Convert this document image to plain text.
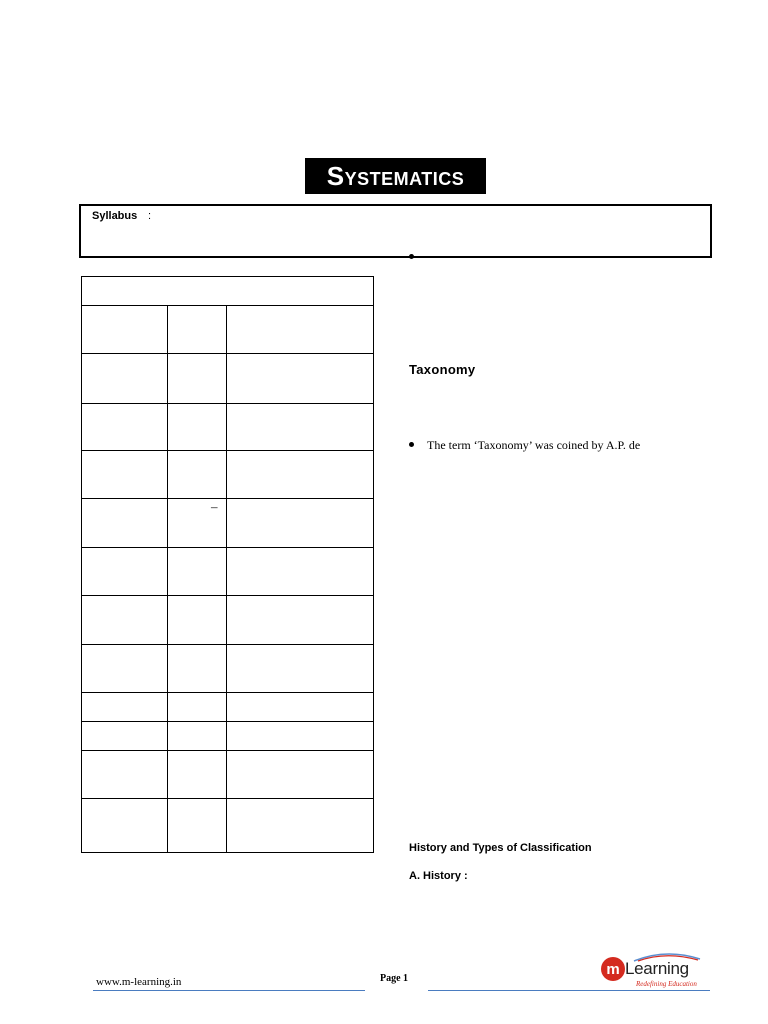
Systematics
Syllabus :

	–	

Taxonomy
The term ‘Taxonomy’ was coined by A.P. de
History and Types of Classification
A. History :
www.m-learning.in	Page 1
m Learning
Redefining Education
